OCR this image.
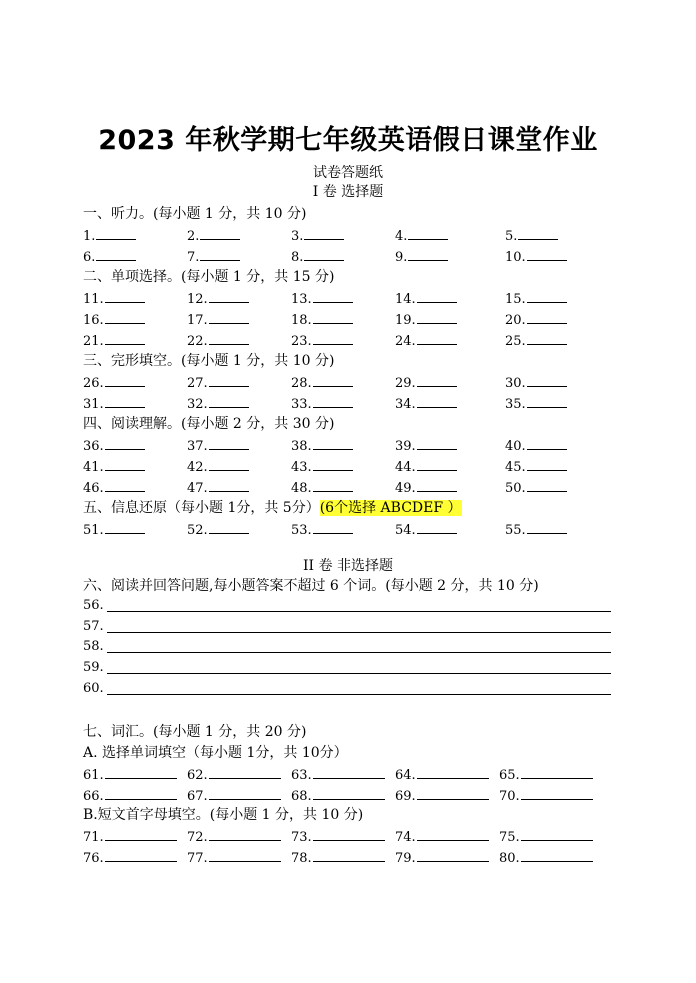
2023 年秋学期七年级英语假日课堂作业
试卷答题纸
I 卷 选择题
一、听力。(每小题 1 分，共 10 分)
1.	2.	3.	4.	5.
6.	7.	8.	9.	10.
二、单项选择。(每小题 1 分，共 15 分)
11.	12.	13.	14.	15.
16.	17.	18.	19.	20.
21.	22.	23.	24.	25.
三、完形填空。(每小题 1 分，共 10 分)
26.	27.	28.	29.	30.
31.	32.	33.	34.	35.
四、阅读理解。(每小题 2 分，共 30 分)
36.	37.	38.	39.	40.
41.	42.	43.	44.	45.
46.	47.	48.	49.	50.
五、信息还原（每小题 1分，共 5分）(6个选择 ABCDEF ）
51.	52.	53.	54.	55.
II 卷 非选择题
六、阅读并回答问题,每小题答案不超过 6 个词。(每小题 2 分，共 10 分)
56.
57.
58.
59.
60.
七、词汇。(每小题 1 分，共 20 分)
A. 选择单词填空（每小题 1分，共 10分）
B.短文首字母填空。(每小题 1 分，共 10 分)
61.	62.	63.	64.	65.
66.	67.	68.	69.	70.
71.	72.	73.	74.	75.
76.	77.	78.	79.	80.
